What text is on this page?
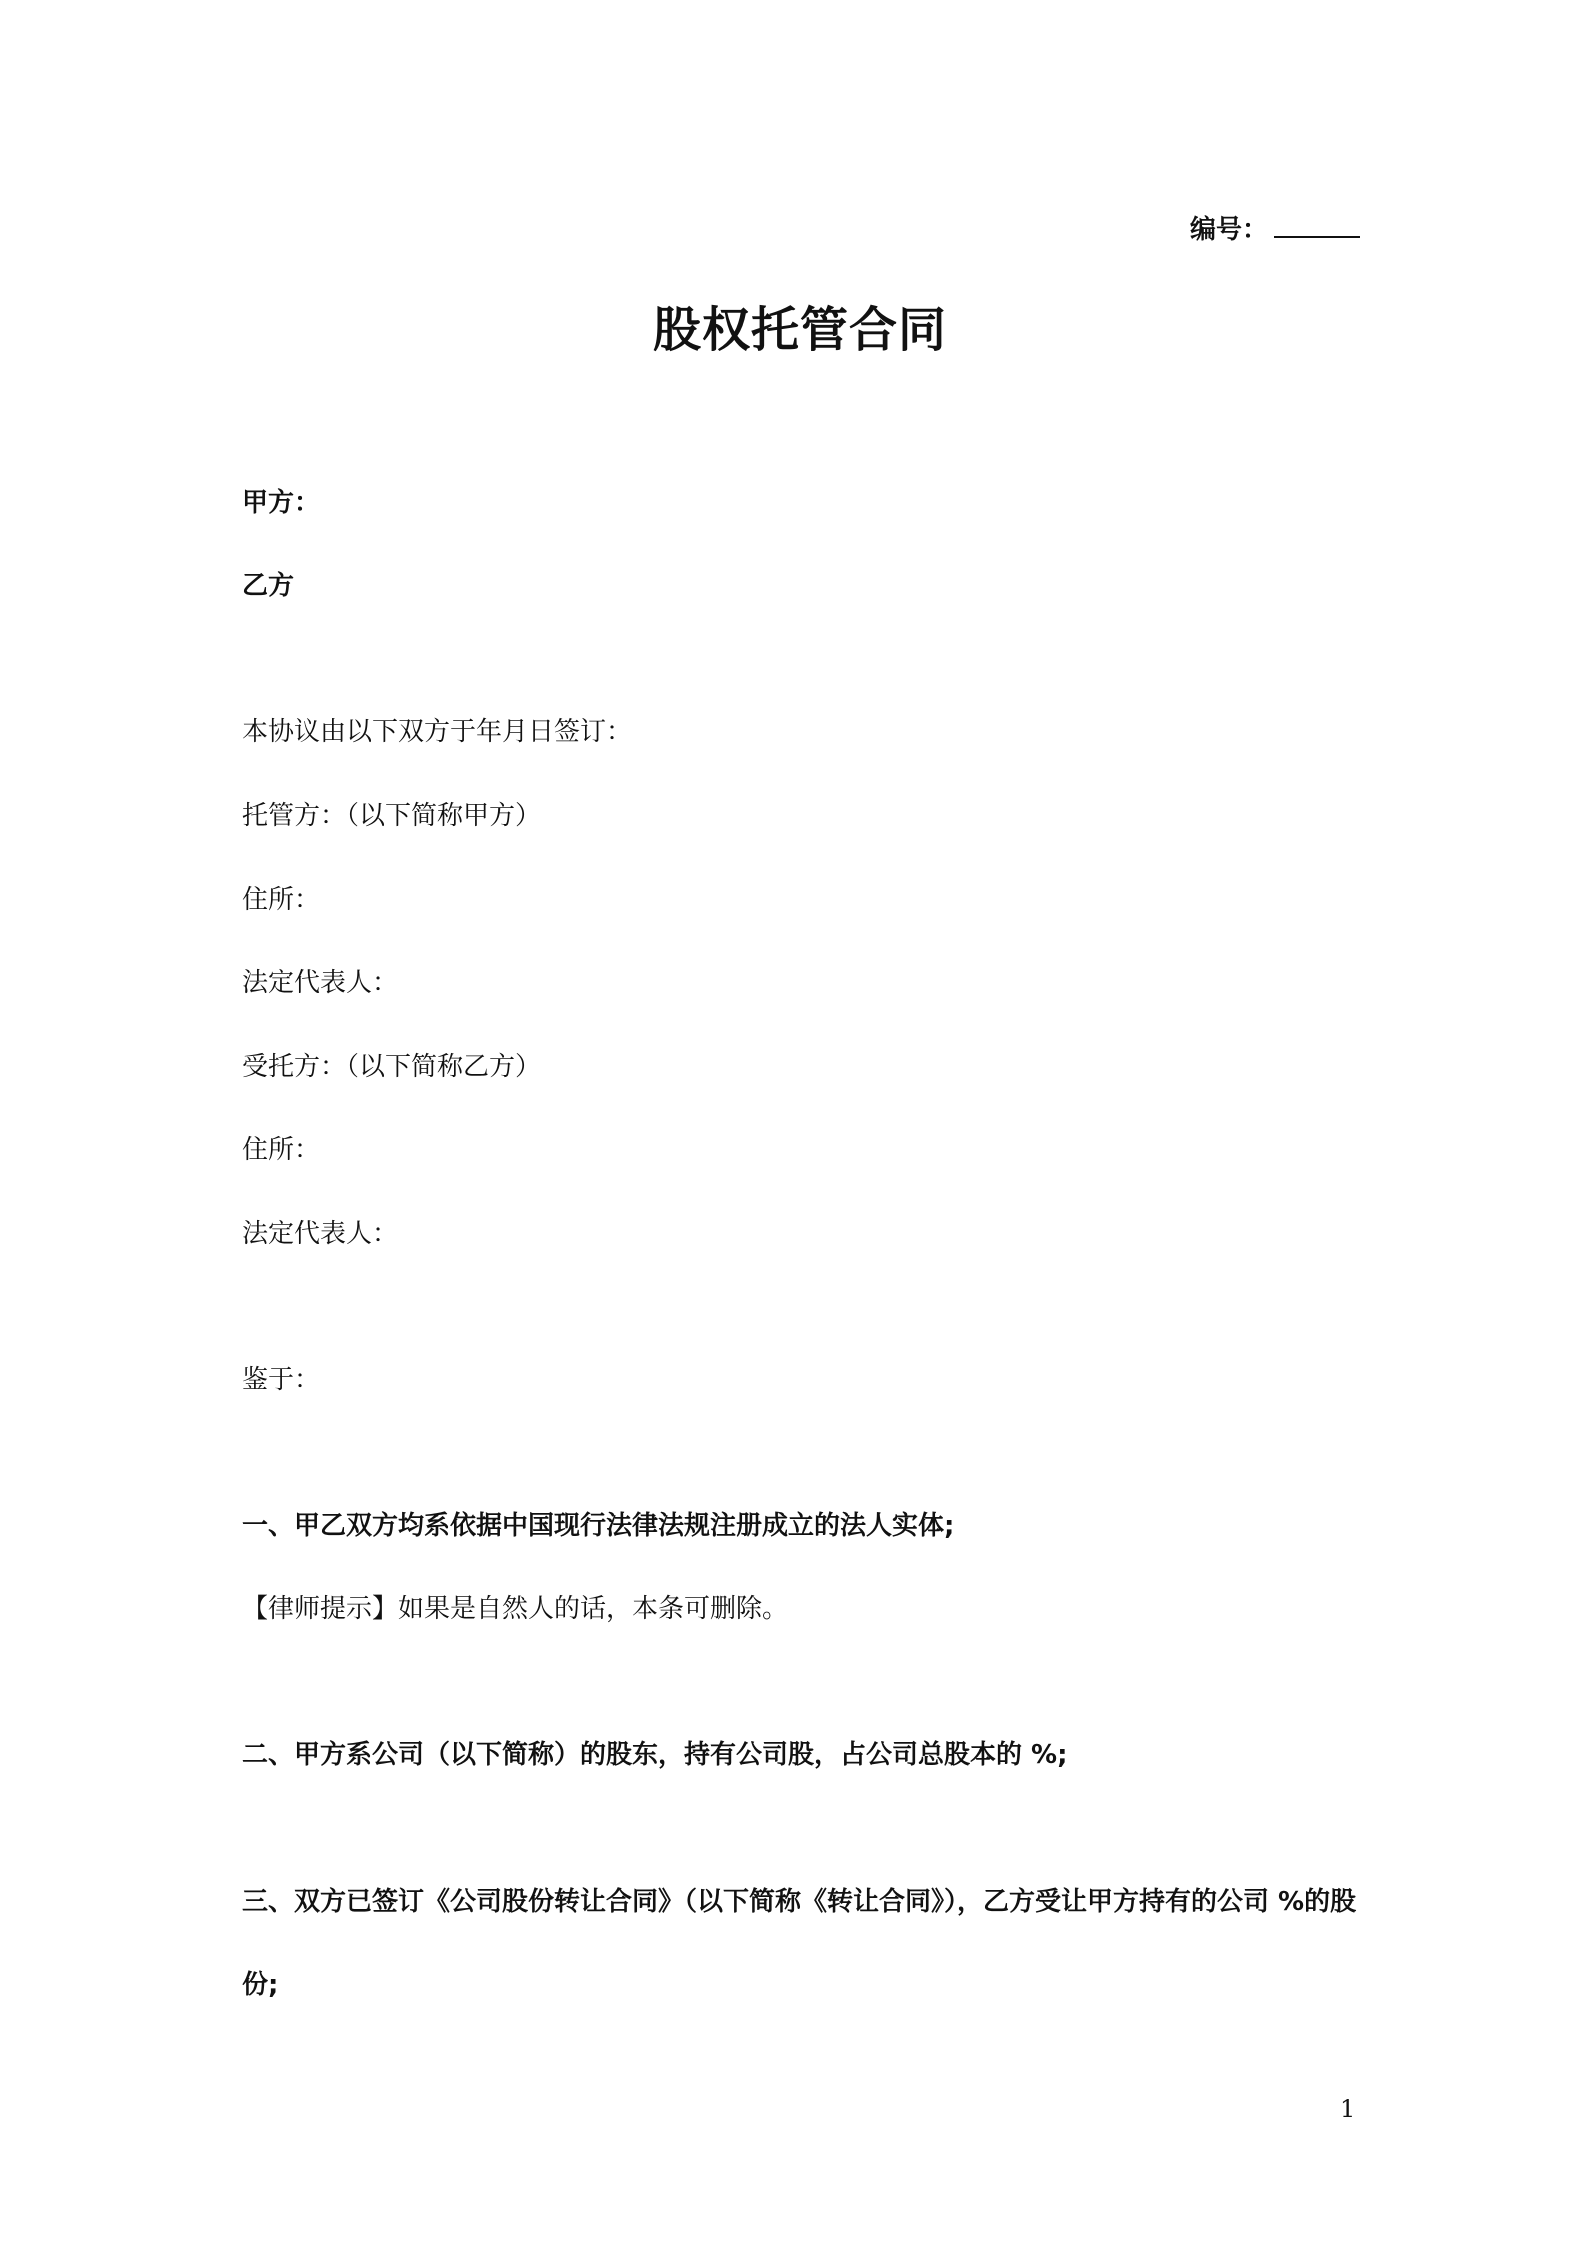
编号：
股权托管合同
甲方：
乙方
本协议由以下双方于年月日签订：
托管方：（以下简称甲方）
住所：
法定代表人：
受托方：（以下简称乙方）
住所：
法定代表人：
鉴于：
一、甲乙双方均系依据中国现行法律法规注册成立的法人实体;
【律师提示】如果是自然人的话，本条可删除。
二、甲方系公司（以下简称）的股东，持有公司股，占公司总股本的 %;
三、双方已签订《公司股份转让合同》（以下简称《转让合同》），乙方受让甲方持有的公司 %的股
份;
1
